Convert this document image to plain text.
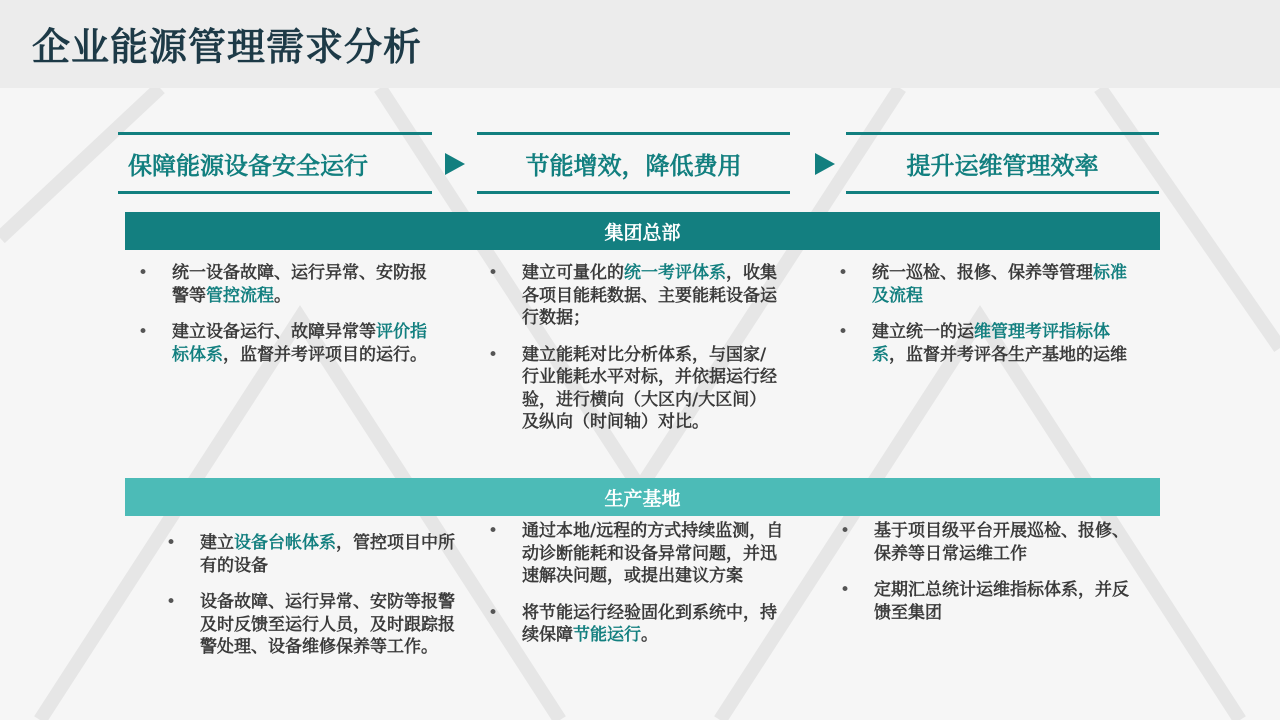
企业能源管理需求分析
保障能源设备安全运行	节能增效，降低费用	提升运维管理效率
集团总部
• 统一设备故障、运行异常、安防报警等管控流程。
• 建立设备运行、故障异常等评价指标体系，监督并考评项目的运行。
• 建立可量化的统一考评体系，收集各项目能耗数据、主要能耗设备运行数据；
• 建立能耗对比分析体系，与国家/行业能耗水平对标，并依据运行经验，进行横向（大区内/大区间）及纵向（时间轴）对比。
• 统一巡检、报修、保养等管理标准及流程
• 建立统一的运维管理考评指标体系，监督并考评各生产基地的运维
生产基地
• 建立设备台帐体系，管控项目中所有的设备
• 设备故障、运行异常、安防等报警及时反馈至运行人员，及时跟踪报警处理、设备维修保养等工作。
• 通过本地/远程的方式持续监测，自动诊断能耗和设备异常问题，并迅速解决问题，或提出建议方案
• 将节能运行经验固化到系统中，持续保障节能运行。
• 基于项目级平台开展巡检、报修、保养等日常运维工作
• 定期汇总统计运维指标体系，并反馈至集团
